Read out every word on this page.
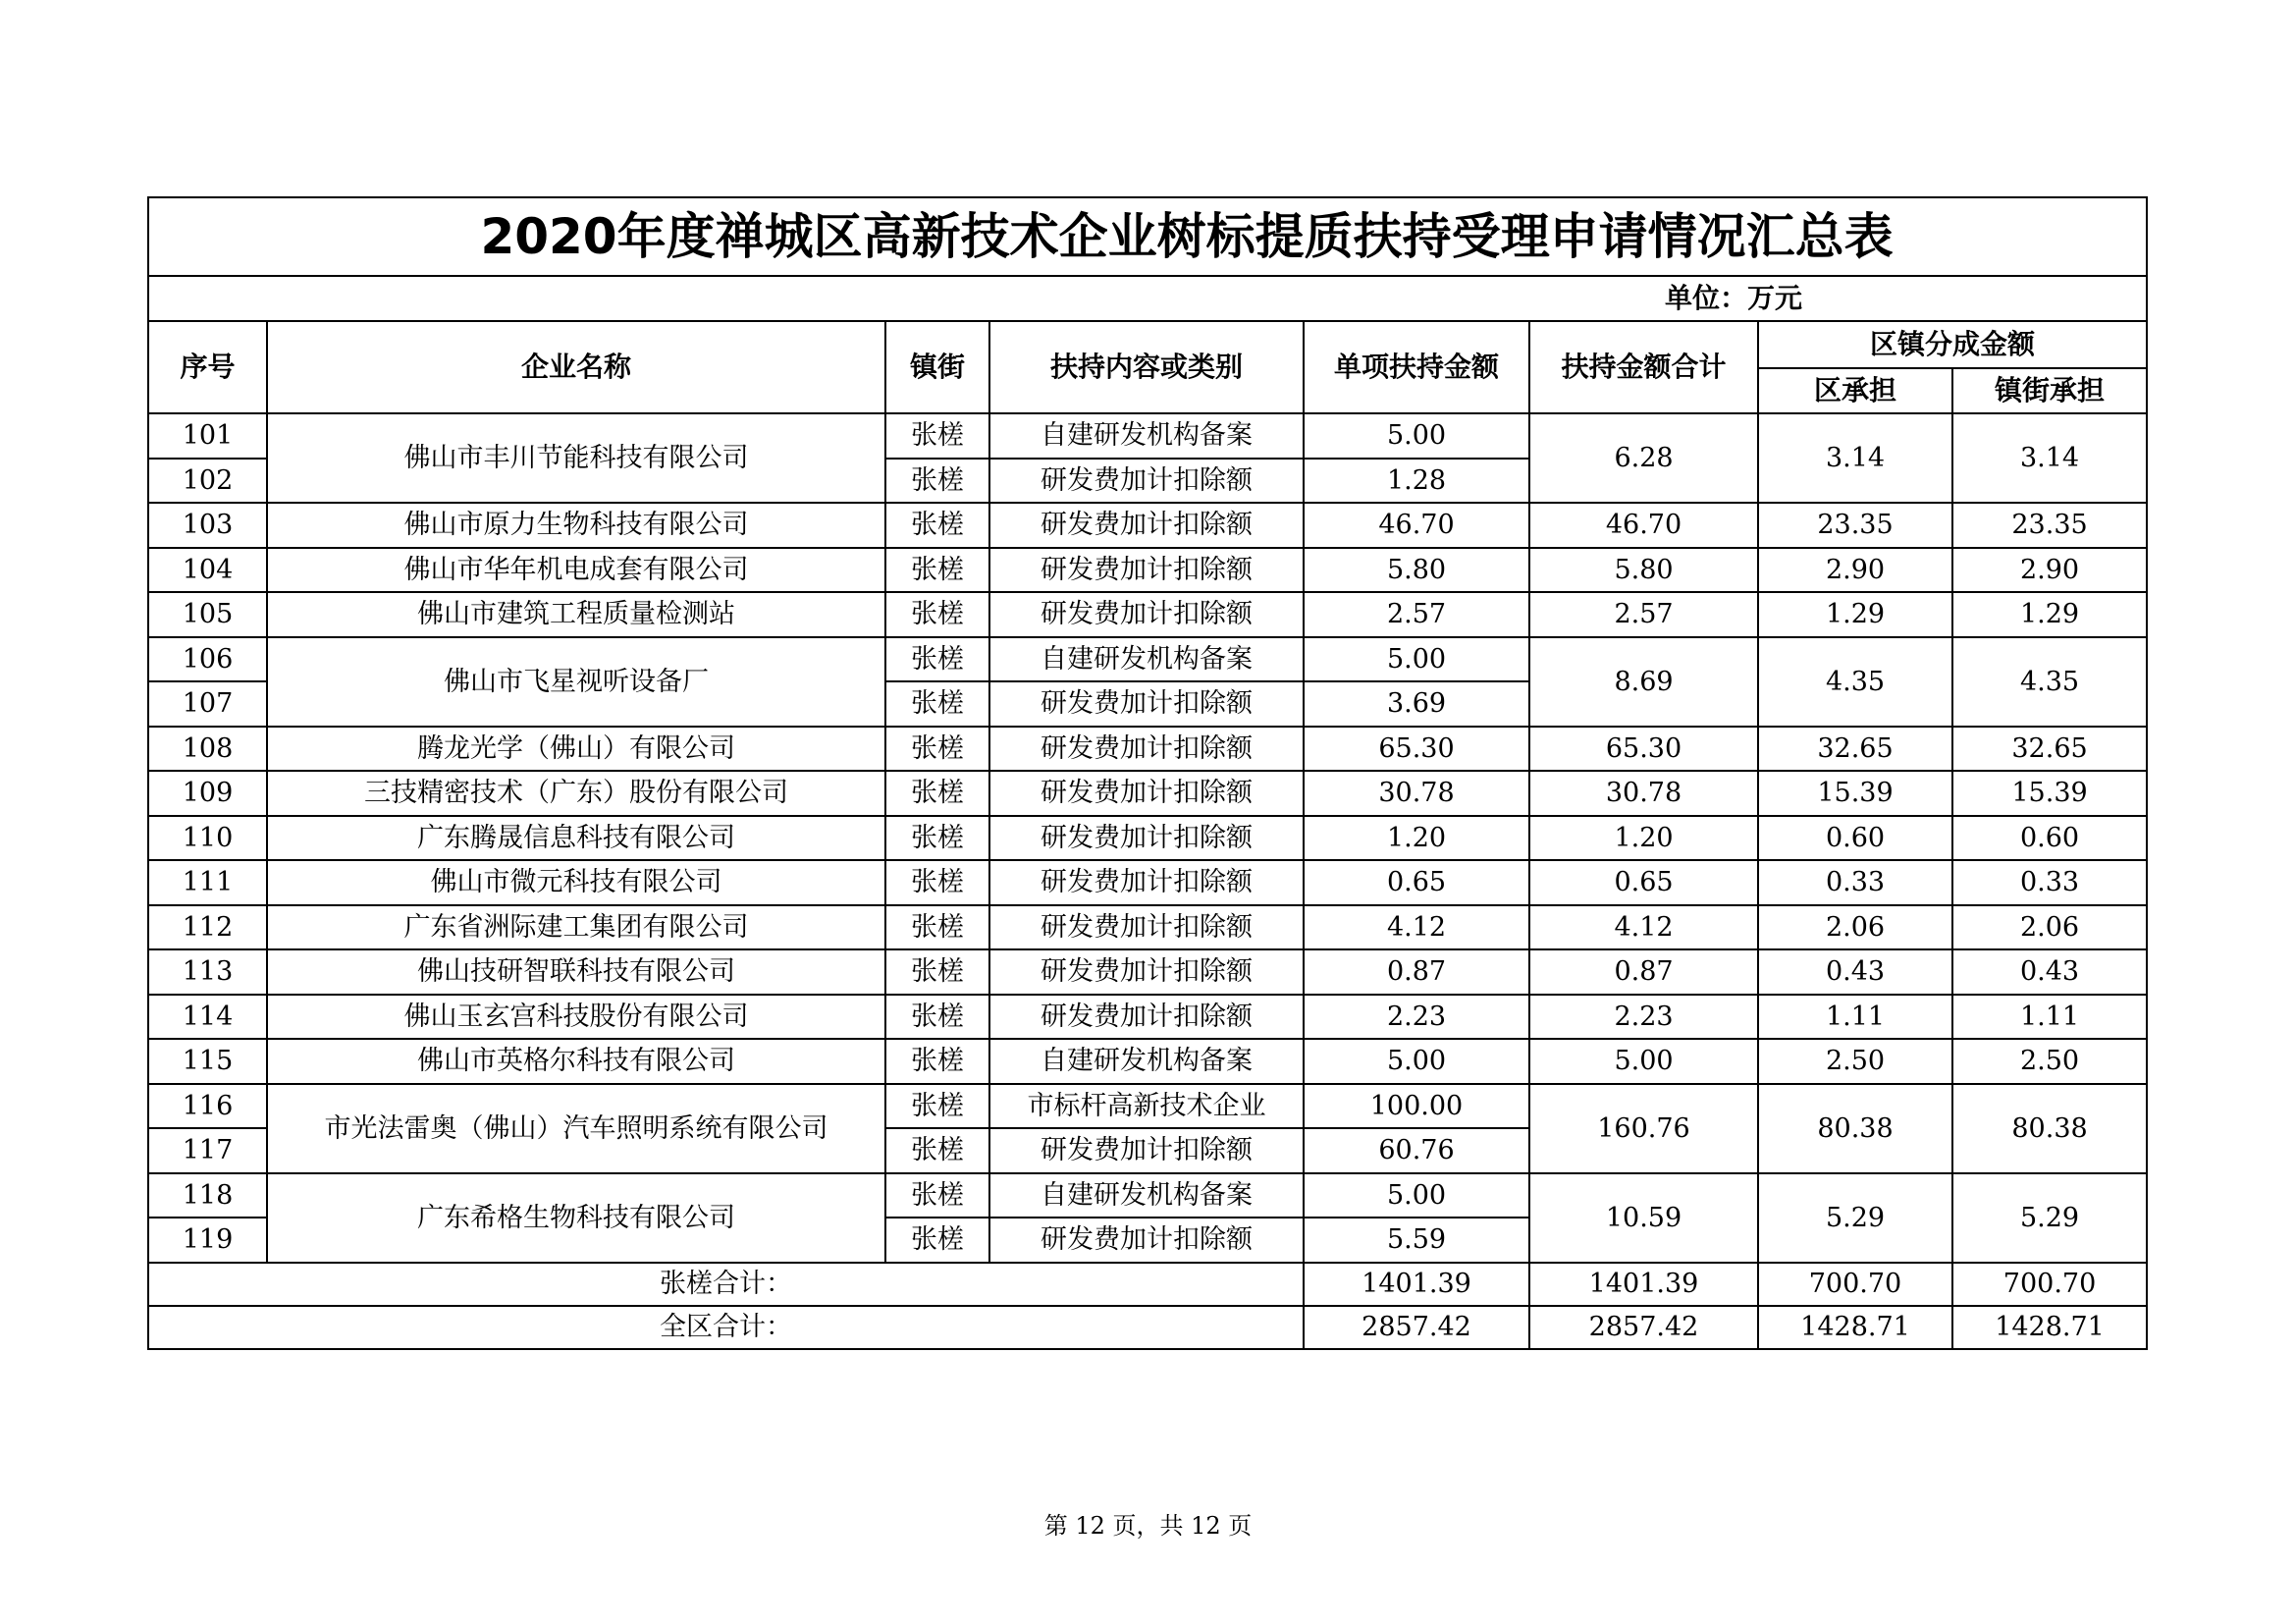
2020年度禅城区高新技术企业树标提质扶持受理申请情况汇总表							
单位：万元							
序号	企业名称	镇街	扶持内容或类别	单项扶持金额	扶持金额合计	区镇分成金额	
						区承担	镇街承担
101	佛山市丰川节能科技有限公司	张槎	自建研发机构备案	5.00	6.28	3.14	3.14
102		张槎	研发费加计扣除额	1.28			
103	佛山市原力生物科技有限公司	张槎	研发费加计扣除额	46.70	46.70	23.35	23.35
104	佛山市华年机电成套有限公司	张槎	研发费加计扣除额	5.80	5.80	2.90	2.90
105	佛山市建筑工程质量检测站	张槎	研发费加计扣除额	2.57	2.57	1.29	1.29
106	佛山市飞星视听设备厂	张槎	自建研发机构备案	5.00	8.69	4.35	4.35
107		张槎	研发费加计扣除额	3.69			
108	腾龙光学（佛山）有限公司	张槎	研发费加计扣除额	65.30	65.30	32.65	32.65
109	三技精密技术（广东）股份有限公司	张槎	研发费加计扣除额	30.78	30.78	15.39	15.39
110	广东腾晟信息科技有限公司	张槎	研发费加计扣除额	1.20	1.20	0.60	0.60
111	佛山市微元科技有限公司	张槎	研发费加计扣除额	0.65	0.65	0.33	0.33
112	广东省洲际建工集团有限公司	张槎	研发费加计扣除额	4.12	4.12	2.06	2.06
113	佛山技研智联科技有限公司	张槎	研发费加计扣除额	0.87	0.87	0.43	0.43
114	佛山玉玄宫科技股份有限公司	张槎	研发费加计扣除额	2.23	2.23	1.11	1.11
115	佛山市英格尔科技有限公司	张槎	自建研发机构备案	5.00	5.00	2.50	2.50
116	市光法雷奥（佛山）汽车照明系统有限公司	张槎	市标杆高新技术企业	100.00	160.76	80.38	80.38
117		张槎	研发费加计扣除额	60.76			
118	广东希格生物科技有限公司	张槎	自建研发机构备案	5.00	10.59	5.29	5.29
119		张槎	研发费加计扣除额	5.59			
张槎合计：				1401.39	1401.39	700.70	700.70
全区合计：				2857.42	2857.42	1428.71	1428.71
第 12 页，共 12 页
